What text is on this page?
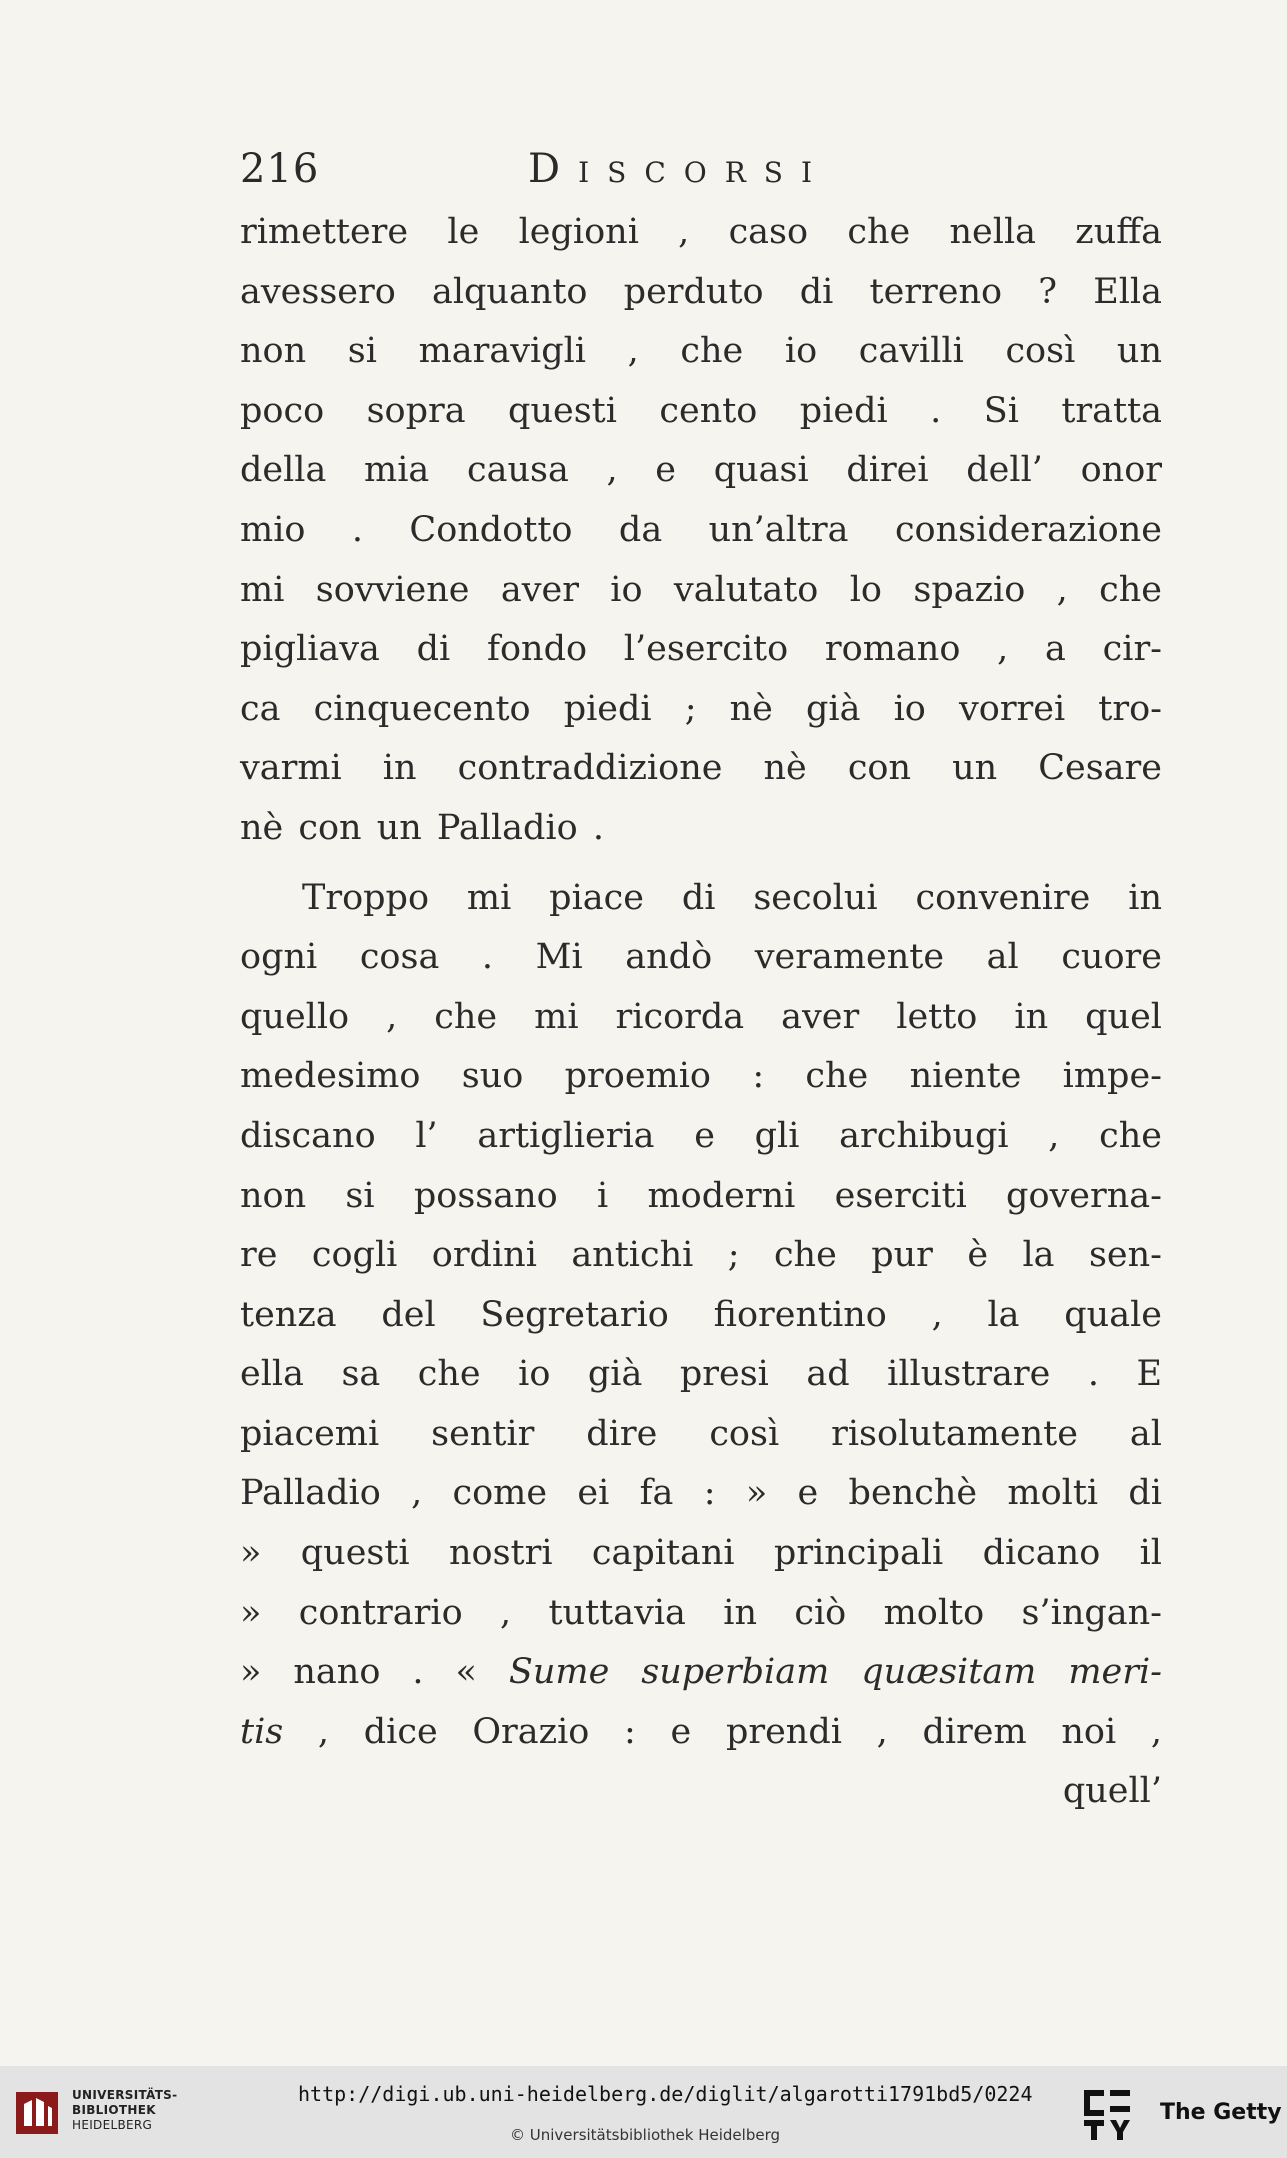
216	Discorsi
rimettere le legioni , caso che nella zuffa
avessero alquanto perduto di terreno ? Ella
non si maravigli , che io cavilli così un
poco sopra questi cento piedi . Si tratta
della mia causa , e quasi direi dell’ onor
mio . Condotto da un’altra considerazione
mi sovviene aver io valutato lo spazio , che
pigliava di fondo l’esercito romano , a cir-
ca cinquecento piedi ; nè già io vorrei tro-
varmi in contraddizione nè con un Cesare
nè con un Palladio .
Troppo mi piace di secolui convenire in
ogni cosa . Mi andò veramente al cuore
quello , che mi ricorda aver letto in quel
medesimo suo proemio : che niente impe-
discano l’ artiglieria e gli archibugi , che
non si possano i moderni eserciti governa-
re cogli ordini antichi ; che pur è la sen-
tenza del Segretario fiorentino , la quale
ella sa che io già presi ad illustrare . E
piacemi sentir dire così risolutamente al
Palladio , come ei fa : » e benchè molti di
» questi nostri capitani principali dicano il
» contrario , tuttavia in ciò molto s’ingan-
» nano . « Sume superbiam quæsitam meri-
tis , dice Orazio : e prendi , direm noi ,
quell’
UNIVERSITÄTS-
BIBLIOTHEK
HEIDELBERG
http://digi.ub.uni-heidelberg.de/diglit/algarotti1791bd5/0224
© Universitätsbibliothek Heidelberg
The Getty
